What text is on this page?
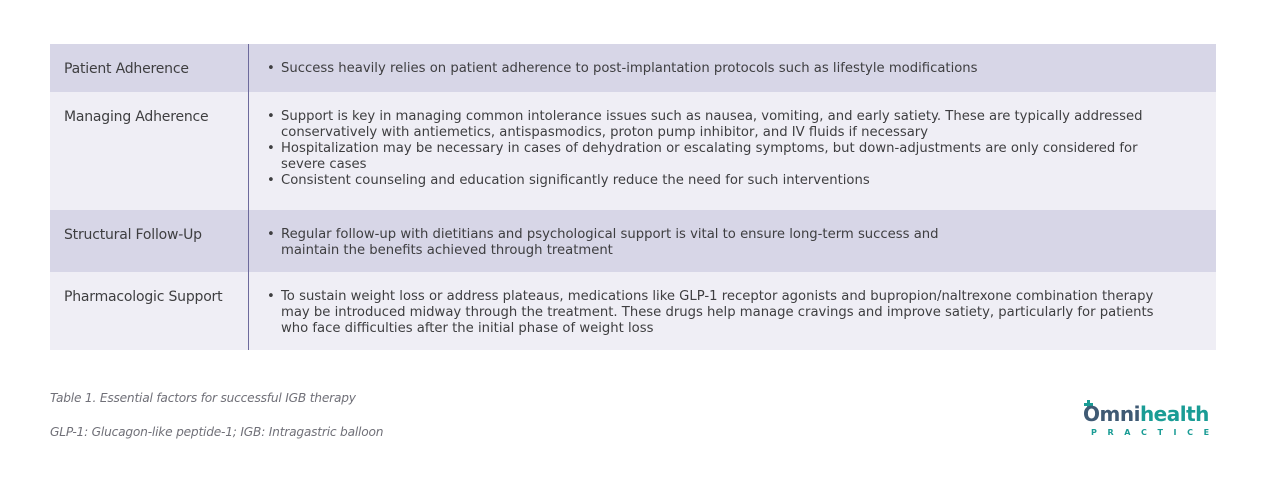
Patient Adherence	• Success heavily relies on patient adherence to post-implantation protocols such as lifestyle modifications
Managing Adherence	• Support is key in managing common intolerance issues such as nausea, vomiting, and early satiety. These are typically addressed
conservatively with antiemetics, antispasmodics, proton pump inhibitor, and IV fluids if necessary
• Hospitalization may be necessary in cases of dehydration or escalating symptoms, but down-adjustments are only considered for
severe cases
• Consistent counseling and education significantly reduce the need for such interventions
Structural Follow-Up	• Regular follow-up with dietitians and psychological support is vital to ensure long-term success and
maintain the benefits achieved through treatment
Pharmacologic Support	• To sustain weight loss or address plateaus, medications like GLP-1 receptor agonists and bupropion/naltrexone combination therapy
may be introduced midway through the treatment. These drugs help manage cravings and improve satiety, particularly for patients
who face difficulties after the initial phase of weight loss
Table 1. Essential factors for successful IGB therapy
GLP-1: Glucagon-like peptide-1; IGB: Intragastric balloon
Omnihealth
PRACTICE
